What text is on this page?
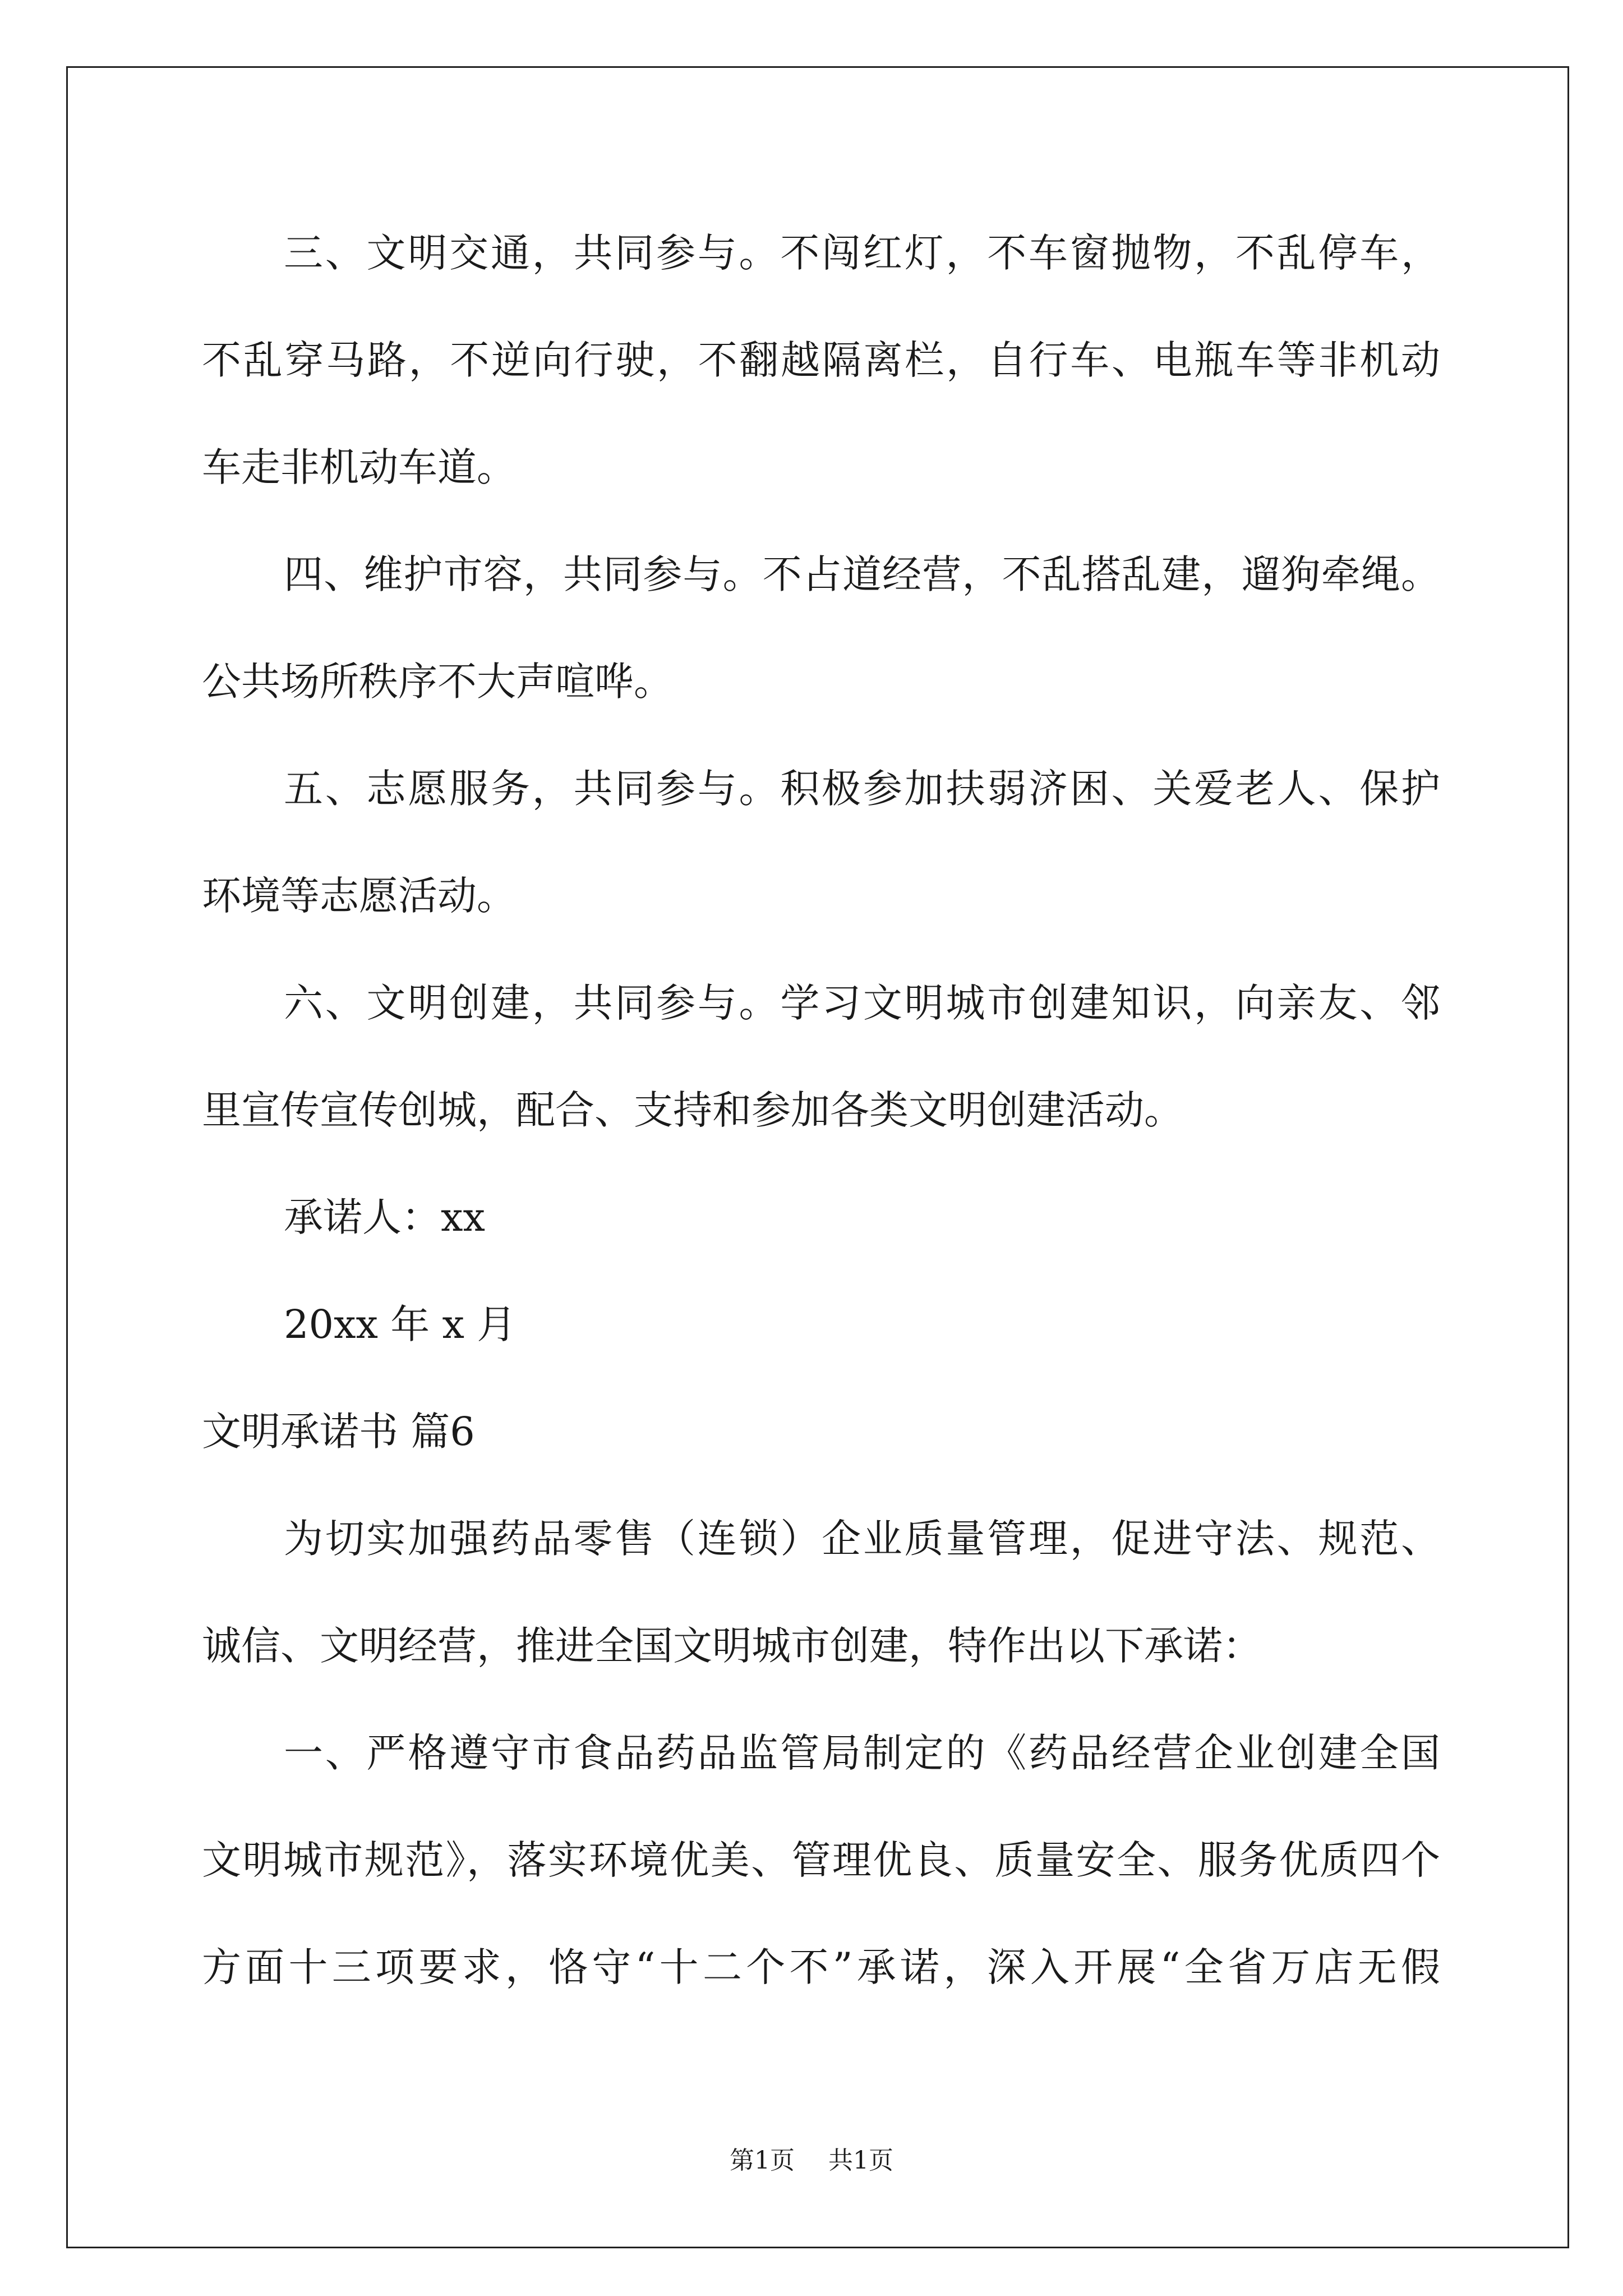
三、文明交通，共同参与。不闯红灯，不车窗抛物，不乱停车，
不乱穿马路，不逆向行驶，不翻越隔离栏，自行车、电瓶车等非机动
车走非机动车道。
四、维护市容，共同参与。不占道经营，不乱搭乱建，遛狗牵绳。
公共场所秩序不大声喧哗。
五、志愿服务，共同参与。积极参加扶弱济困、关爱老人、保护
环境等志愿活动。
六、文明创建，共同参与。学习文明城市创建知识，向亲友、邻
里宣传宣传创城，配合、支持和参加各类文明创建活动。
承诺人：xx
20xx 年 x 月
文明承诺书 篇6
为切实加强药品零售（连锁）企业质量管理，促进守法、规范、
诚信、文明经营，推进全国文明城市创建，特作出以下承诺：
一、严格遵守市食品药品监管局制定的《药品经营企业创建全国
文明城市规范》，落实环境优美、管理优良、质量安全、服务优质四个
方面十三项要求，恪守“十二个不”承诺，深入开展“全省万店无假
第1页 共1页
